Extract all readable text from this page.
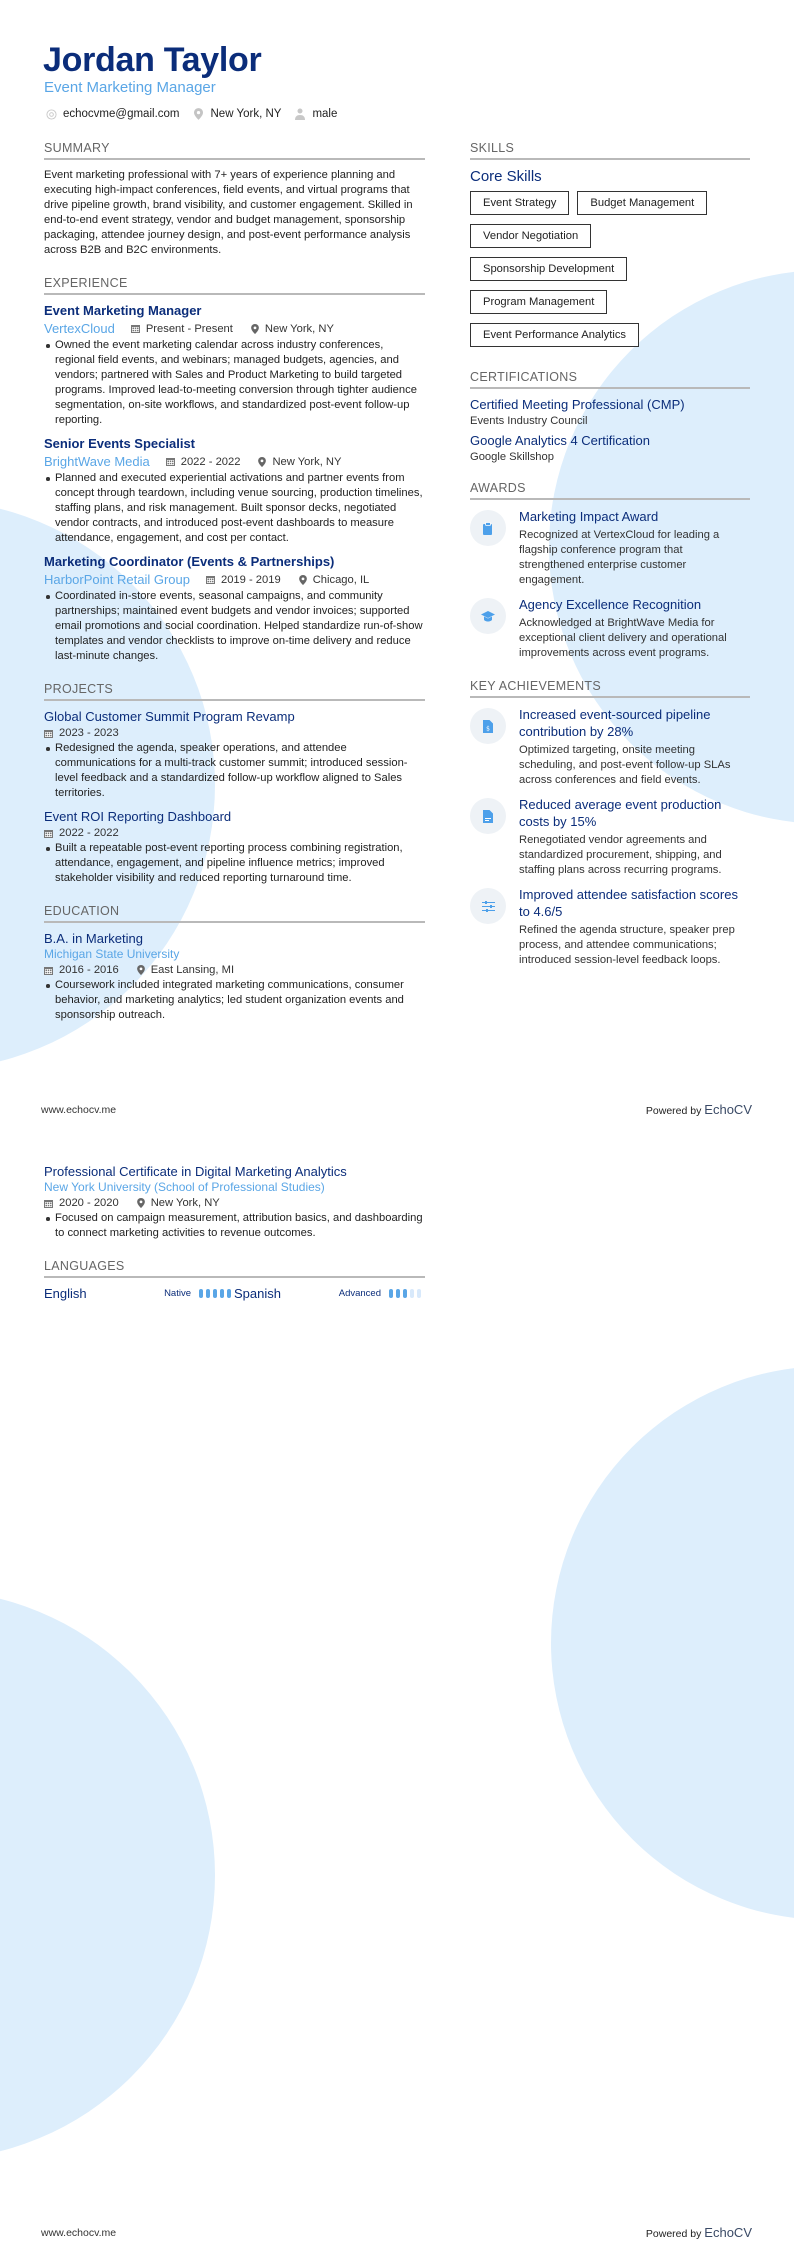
Jordan Taylor
Event Marketing Manager
echocvme@gmail.com	New York, NY	male
SUMMARY
Event marketing professional with 7+ years of experience planning and executing high-impact conferences, field events, and virtual programs that drive pipeline growth, brand visibility, and customer engagement. Skilled in end-to-end event strategy, vendor and budget management, sponsorship packaging, attendee journey design, and post-event performance analysis across B2B and B2C environments.
EXPERIENCE
Event Marketing Manager
VertexCloud	Present - Present	New York, NY
Owned the event marketing calendar across industry conferences, regional field events, and webinars; managed budgets, agencies, and vendors; partnered with Sales and Product Marketing to build targeted programs. Improved lead-to-meeting conversion through tighter audience segmentation, on-site workflows, and standardized post-event follow-up reporting.
Senior Events Specialist
BrightWave Media	2022 - 2022	New York, NY
Planned and executed experiential activations and partner events from concept through teardown, including venue sourcing, production timelines, staffing plans, and risk management. Built sponsor decks, negotiated vendor contracts, and introduced post-event dashboards to measure attendance, engagement, and cost per contact.
Marketing Coordinator (Events & Partnerships)
HarborPoint Retail Group	2019 - 2019	Chicago, IL
Coordinated in-store events, seasonal campaigns, and community partnerships; maintained event budgets and vendor invoices; supported email promotions and social coordination. Helped standardize run-of-show templates and vendor checklists to improve on-time delivery and reduce last-minute changes.
PROJECTS
Global Customer Summit Program Revamp
2023 - 2023
Redesigned the agenda, speaker operations, and attendee communications for a multi-track customer summit; introduced session-level feedback and a standardized follow-up workflow aligned to Sales territories.
Event ROI Reporting Dashboard
2022 - 2022
Built a repeatable post-event reporting process combining registration, attendance, engagement, and pipeline influence metrics; improved stakeholder visibility and reduced reporting turnaround time.
EDUCATION
B.A. in Marketing
Michigan State University
2016 - 2016	East Lansing, MI
Coursework included integrated marketing communications, consumer behavior, and marketing analytics; led student organization events and sponsorship outreach.
SKILLS
Core Skills
Event Strategy	Budget Management
Vendor Negotiation
Sponsorship Development
Program Management
Event Performance Analytics
CERTIFICATIONS
Certified Meeting Professional (CMP)
Events Industry Council
Google Analytics 4 Certification
Google Skillshop
AWARDS
Marketing Impact Award
Recognized at VertexCloud for leading a flagship conference program that strengthened enterprise customer engagement.
Agency Excellence Recognition
Acknowledged at BrightWave Media for exceptional client delivery and operational improvements across event programs.
KEY ACHIEVEMENTS
$
Increased event-sourced pipeline contribution by 28%
Optimized targeting, onsite meeting scheduling, and post-event follow-up SLAs across conferences and field events.
Reduced average event production costs by 15%
Renegotiated vendor agreements and standardized procurement, shipping, and staffing plans across recurring programs.
Improved attendee satisfaction scores to 4.6/5
Refined the agenda structure, speaker prep process, and attendee communications; introduced session-level feedback loops.
www.echocv.me	Powered by EchoCV
Professional Certificate in Digital Marketing Analytics
New York University (School of Professional Studies)
2020 - 2020	New York, NY
Focused on campaign measurement, attribution basics, and dashboarding to connect marketing activities to revenue outcomes.
LANGUAGES
English	Native	Spanish	Advanced
www.echocv.me	Powered by EchoCV
